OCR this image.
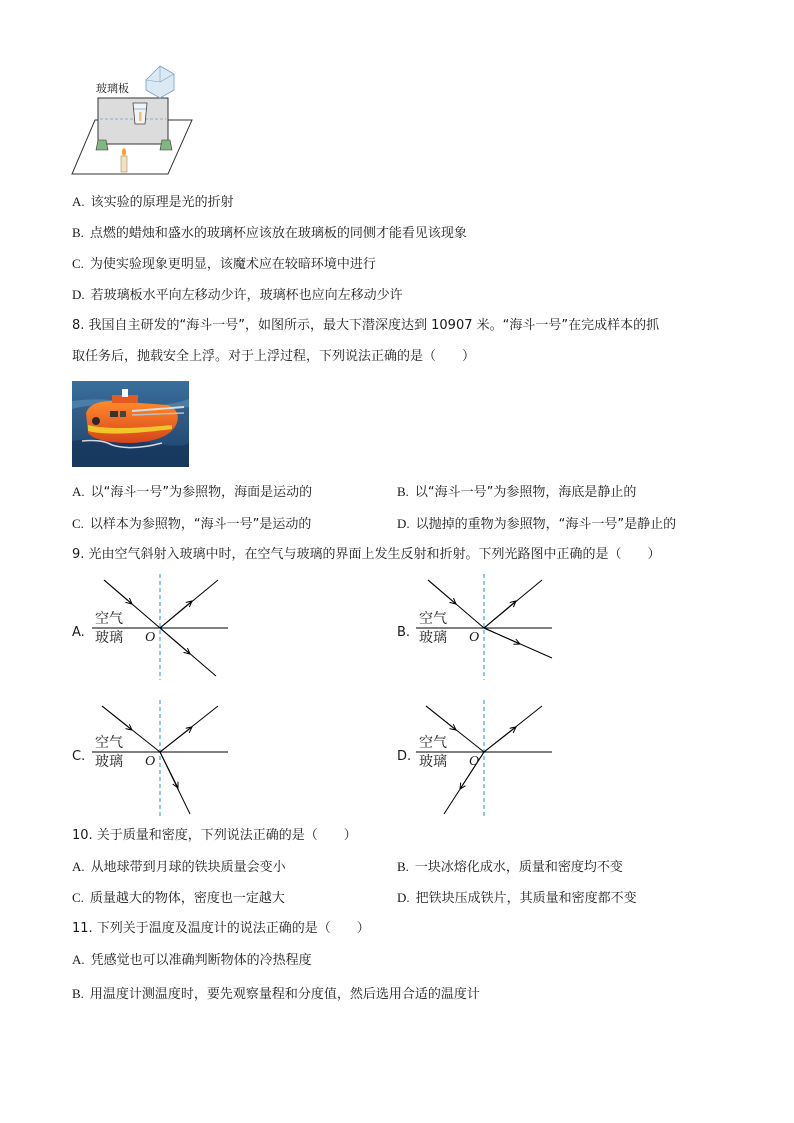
玻璃板
A. 该实验的原理是光的折射
B. 点燃的蜡烛和盛水的玻璃杯应该放在玻璃板的同侧才能看见该现象
C. 为使实验现象更明显，该魔术应在较暗环境中进行
D. 若玻璃板水平向左移动少许，玻璃杯也应向左移动少许
8. 我国自主研发的“海斗一号”，如图所示，最大下潜深度达到 10907 米。“海斗一号”在完成样本的抓
取任务后，抛载安全上浮。对于上浮过程，下列说法正确的是（　　）
A. 以“海斗一号”为参照物，海面是运动的	B. 以“海斗一号”为参照物，海底是静止的
C. 以样本为参照物，“海斗一号”是运动的	D. 以抛掉的重物为参照物，“海斗一号”是静止的
9. 光由空气斜射入玻璃中时，在空气与玻璃的界面上发生反射和折射。下列光路图中正确的是（　　）
A.
空气
玻璃 O	B.
空气
玻璃 O
C.
空气
玻璃 O	D.
空气
玻璃 O
10. 关于质量和密度，下列说法正确的是（　　）
A. 从地球带到月球的铁块质量会变小	B. 一块冰熔化成水，质量和密度均不变
C. 质量越大的物体，密度也一定越大	D. 把铁块压成铁片，其质量和密度都不变
11. 下列关于温度及温度计的说法正确的是（　　）
A. 凭感觉也可以准确判断物体的冷热程度
B. 用温度计测温度时，要先观察量程和分度值，然后选用合适的温度计
